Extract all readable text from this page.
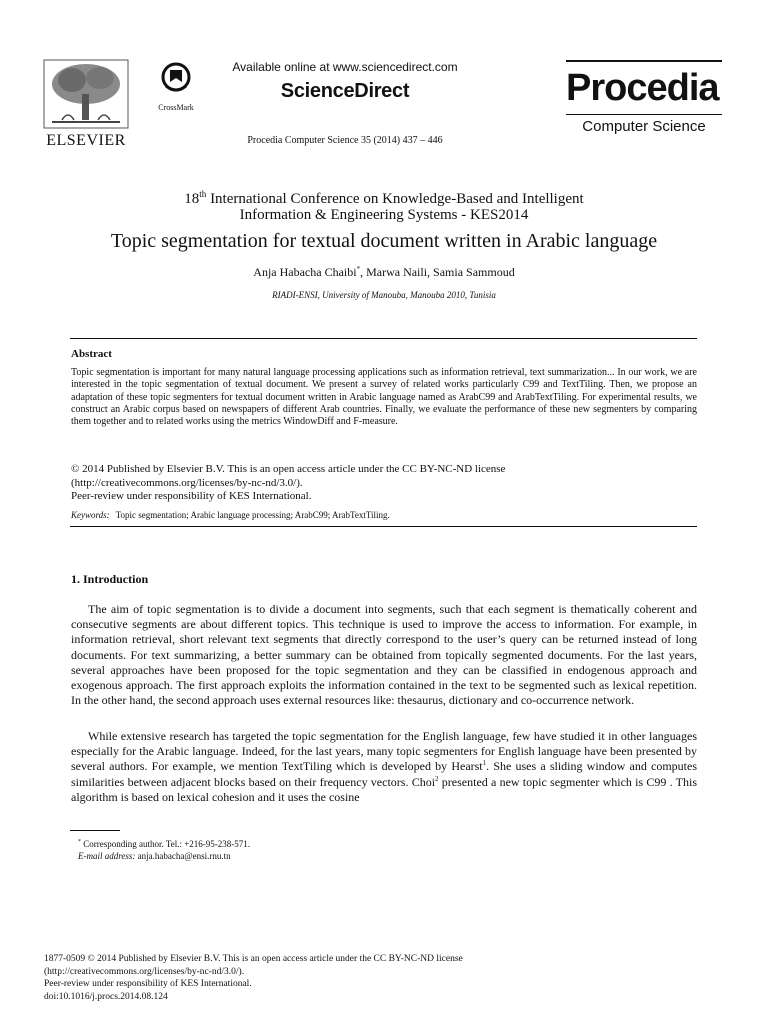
ELSEVIER
CrossMark
Available online at www.sciencedirect.com
ScienceDirect
Procedia Computer Science 35 (2014) 437 – 446
Procedia
Computer Science
18th International Conference on Knowledge-Based and Intelligent
Information & Engineering Systems - KES2014
Topic segmentation for textual document written in Arabic language
Anja Habacha Chaibi*, Marwa Naili, Samia Sammoud
RIADI-ENSI, University of Manouba, Manouba 2010, Tunisia
Abstract
Topic segmentation is important for many natural language processing applications such as information retrieval, text summarization... In our work, we are interested in the topic segmentation of textual document. We present a survey of related works particularly C99 and TextTiling. Then, we propose an adaptation of these topic segmenters for textual document written in Arabic language named as ArabC99 and ArabTextTiling. For experimental results, we construct an Arabic corpus based on newspapers of different Arab countries. Finally, we evaluate the performance of these new segmenters by comparing them together and to related works using the metrics WindowDiff and F-measure.

© 2014 Published by Elsevier B.V. This is an open access article under the CC BY-NC-ND license

(http://creativecommons.org/licenses/by-nc-nd/3.0/).

Peer-review under responsibility of KES International.

Keywords: Topic segmentation; Arabic language processing; ArabC99; ArabTextTiling.
1. Introduction
The aim of topic segmentation is to divide a document into segments, such that each segment is thematically coherent and consecutive segments are about different topics. This technique is used to improve the access to information. For example, in information retrieval, short relevant text segments that directly correspond to the user’s query can be returned instead of long documents. For text summarizing, a better summary can be obtained from topically segmented documents. For the last years, several approaches have been proposed for the topic segmentation and they can be classified in endogenous approach and exogenous approach. The first approach exploits the information contained in the text to be segmented such as lexical repetition. In the other hand, the second approach uses external resources like: thesaurus, dictionary and co-occurrence network.
While extensive research has targeted the topic segmentation for the English language, few have studied it in other languages especially for the Arabic language. Indeed, for the last years, many topic segmenters for English language have been presented by several authors. For example, we mention TextTiling which is developed by Hearst$^1$. She uses a sliding window and computes similarities between adjacent blocks based on their frequency vectors. Choi$^2$ presented a new topic segmenter which is C99 . This algorithm is based on lexical cohesion and it uses the cosine
* Corresponding author. Tel.: +216-95-238-571.
E-mail address: anja.habacha@ensi.rnu.tn

1877-0509 © 2014 Published by Elsevier B.V. This is an open access article under the CC BY-NC-ND license

(http://creativecommons.org/licenses/by-nc-nd/3.0/).

Peer-review under responsibility of KES International.

doi:10.1016/j.procs.2014.08.124
